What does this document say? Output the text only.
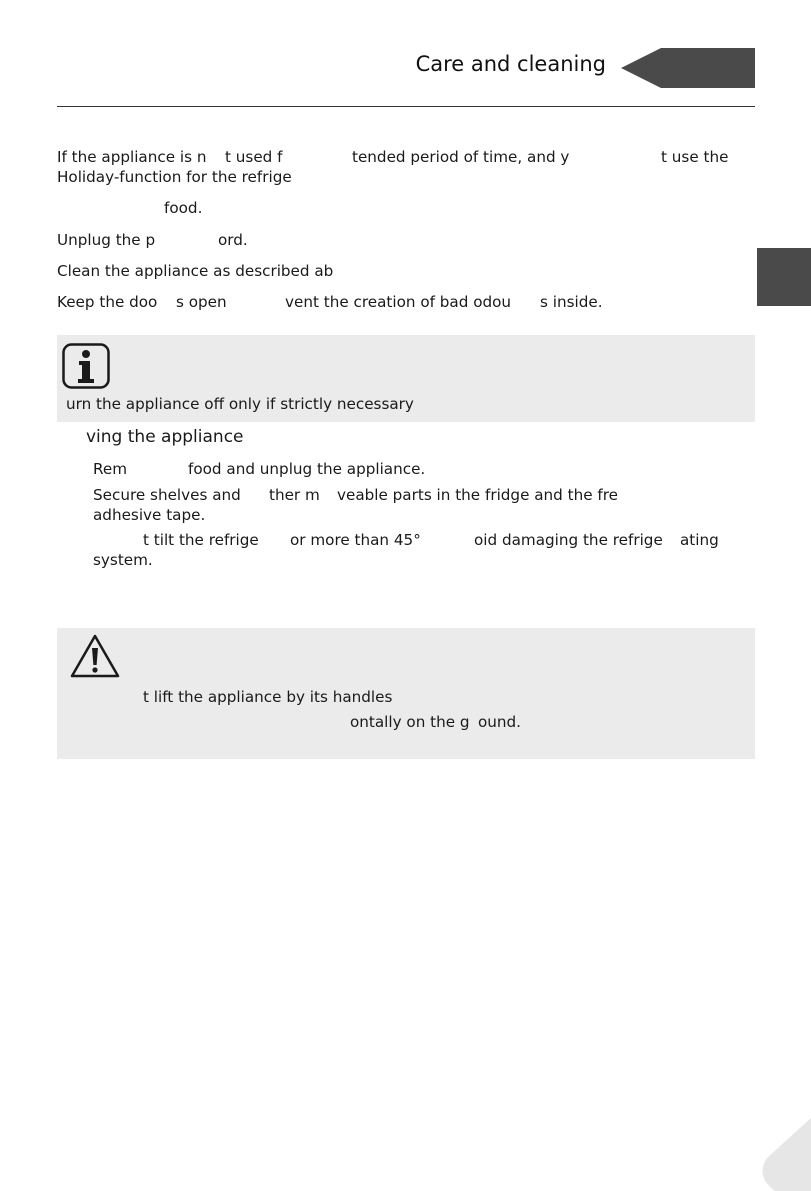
Care and cleaning
If the appliance is n t used f	tended period of time, and y	t use the
Holiday-function for the refrige
food.
Unplug the p	ord.
Clean the appliance as described ab
Keep the doo s open	vent the creation of bad odou s inside.
urn the appliance off only if strictly necessary
ving the appliance
Rem	food and unplug the appliance.
Secure shelves and ther m veable parts in the fridge and the fre
adhesive tape.
t tilt the refrige or more than 45°	oid damaging the refrige ating
system.
t lift the appliance by its handles
ontally on the g ound.
